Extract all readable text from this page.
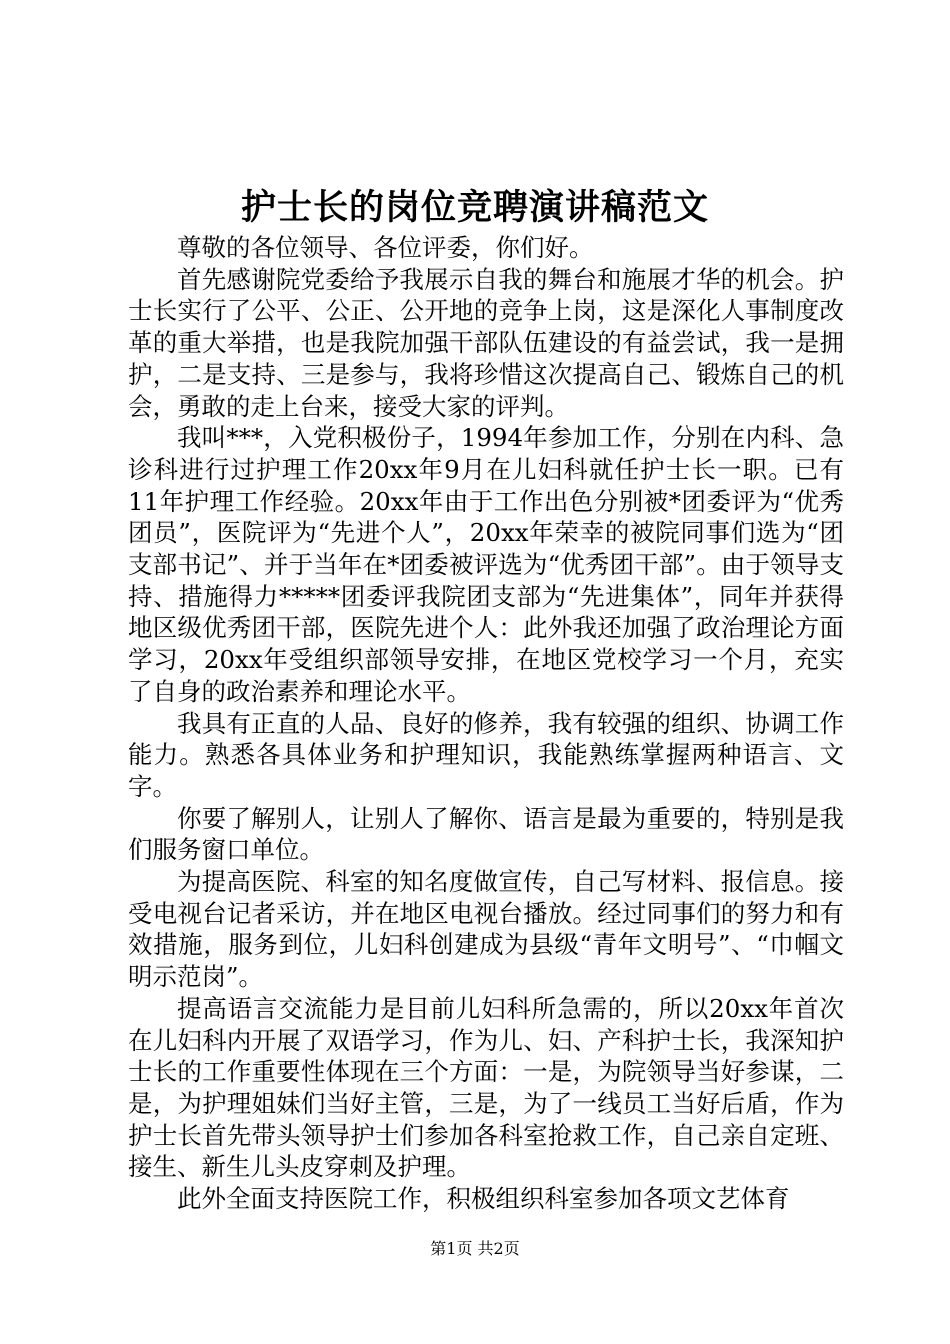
护士长的岗位竞聘演讲稿范文

尊敬的各位领导、各位评委，你们好。

首先感谢院党委给予我展示自我的舞台和施展才华的机会。护士长实行了公平、公正、公开地的竞争上岗，这是深化人事制度改革的重大举措，也是我院加强干部队伍建设的有益尝试，我一是拥护，二是支持、三是参与，我将珍惜这次提高自己、锻炼自己的机会，勇敢的走上台来，接受大家的评判。

我叫***，入党积极份子，1994年参加工作，分别在内科、急诊科进行过护理工作20xx年9月在儿妇科就任护士长一职。已有11年护理工作经验。20xx年由于工作出色分别被*团委评为“优秀团员”，医院评为“先进个人”，20xx年荣幸的被院同事们选为“团支部书记”、并于当年在*团委被评选为“优秀团干部”。由于领导支持、措施得力*****团委评我院团支部为“先进集体”，同年并获得地区级优秀团干部，医院先进个人：此外我还加强了政治理论方面学习，20xx年受组织部领导安排，在地区党校学习一个月，充实了自身的政治素养和理论水平。

我具有正直的人品、良好的修养，我有较强的组织、协调工作能力。熟悉各具体业务和护理知识，我能熟练掌握两种语言、文字。

你要了解别人，让别人了解你、语言是最为重要的，特别是我们服务窗口单位。

为提高医院、科室的知名度做宣传，自己写材料、报信息。接受电视台记者采访，并在地区电视台播放。经过同事们的努力和有效措施，服务到位，儿妇科创建成为县级“青年文明号”、“巾帼文明示范岗”。

提高语言交流能力是目前儿妇科所急需的，所以20xx年首次在儿妇科内开展了双语学习，作为儿、妇、产科护士长，我深知护士长的工作重要性体现在三个方面：一是，为院领导当好参谋，二是，为护理姐妹们当好主管，三是，为了一线员工当好后盾，作为护士长首先带头领导护士们参加各科室抢救工作，自己亲自定班、接生、新生儿头皮穿刺及护理。

此外全面支持医院工作，积极组织科室参加各项文艺体育

第1页 共2页
